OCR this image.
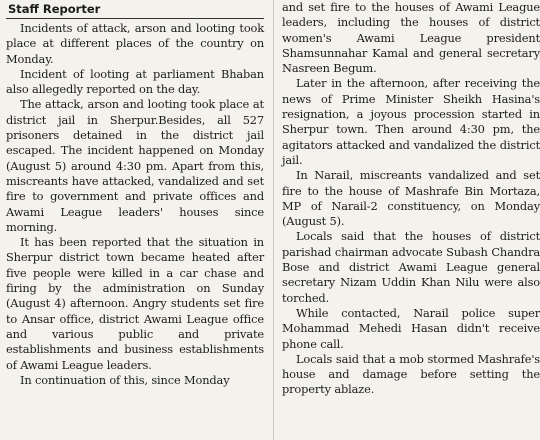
Staff Reporter

Incidents of attack, arson and looting took place at different places of the country on Monday.

Incident of looting at parliament Bhaban also allegedly reported on the day.

The attack, arson and looting took place at district jail in Sherpur.Besides, all 527 prisoners detained in the district jail escaped. The incident happened on Monday (August 5) around 4:30 pm. Apart from this, miscreants have attacked, vandalized and set fire to government and private offices and Awami League leaders' houses since morning.

It has been reported that the situation in Sherpur district town became heated after five people were killed in a car chase and firing by the administration on Sunday (August 4) afternoon. Angry students set fire to Ansar office, district Awami League office and various public and private establishments and business establishments of Awami League leaders.

In continuation of this, since Monday

and set fire to the houses of Awami League leaders, including the houses of district women's Awami League president Shamsunnahar Kamal and general secretary Nasreen Begum.

Later in the afternoon, after receiving the news of Prime Minister Sheikh Hasina's resignation, a joyous procession started in Sherpur town. Then around 4:30 pm, the agitators attacked and vandalized the district jail.

In Narail, miscreants vandalized and set fire to the house of Mashrafe Bin Mortaza, MP of Narail-2 constituency, on Monday (August 5).

Locals said that the houses of district parishad chairman advocate Subash Chandra Bose and district Awami League general secretary Nizam Uddin Khan Nilu were also torched.

While contacted, Narail police super Mohammad Mehedi Hasan didn't receive phone call.

Locals said that a mob stormed Mashrafe's house and damage before setting the property ablaze.
